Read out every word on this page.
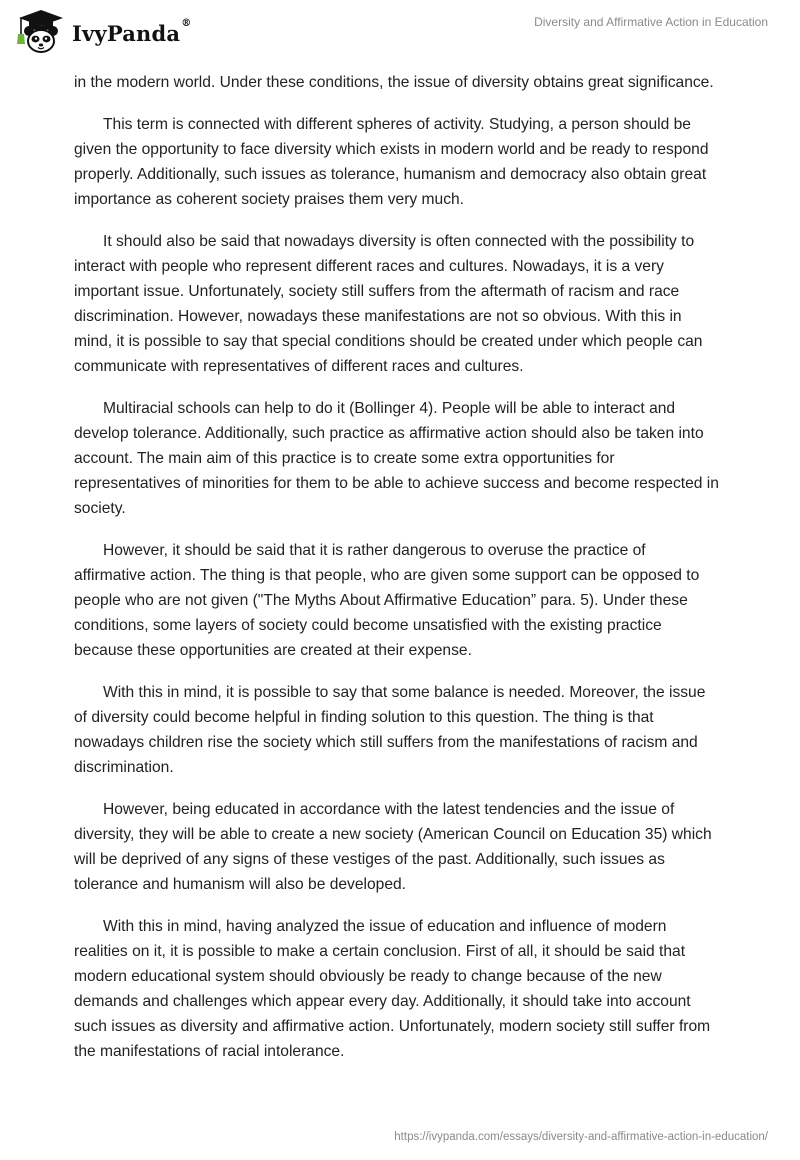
IvyPanda®	Diversity and Affirmative Action in Education

in the modern world. Under these conditions, the issue of diversity obtains great significance.

This term is connected with different spheres of activity. Studying, a person should be given the opportunity to face diversity which exists in modern world and be ready to respond properly. Additionally, such issues as tolerance, humanism and democracy also obtain great importance as coherent society praises them very much.

It should also be said that nowadays diversity is often connected with the possibility to interact with people who represent different races and cultures. Nowadays, it is a very important issue. Unfortunately, society still suffers from the aftermath of racism and race discrimination. However, nowadays these manifestations are not so obvious. With this in mind, it is possible to say that special conditions should be created under which people can communicate with representatives of different races and cultures.

Multiracial schools can help to do it (Bollinger 4). People will be able to interact and develop tolerance. Additionally, such practice as affirmative action should also be taken into account. The main aim of this practice is to create some extra opportunities for representatives of minorities for them to be able to achieve success and become respected in society.

However, it should be said that it is rather dangerous to overuse the practice of affirmative action. The thing is that people, who are given some support can be opposed to people who are not given ("The Myths About Affirmative Education” para. 5). Under these conditions, some layers of society could become unsatisfied with the existing practice because these opportunities are created at their expense.

With this in mind, it is possible to say that some balance is needed. Moreover, the issue of diversity could become helpful in finding solution to this question. The thing is that nowadays children rise the society which still suffers from the manifestations of racism and discrimination.

However, being educated in accordance with the latest tendencies and the issue of diversity, they will be able to create a new society (American Council on Education 35) which will be deprived of any signs of these vestiges of the past. Additionally, such issues as tolerance and humanism will also be developed.

With this in mind, having analyzed the issue of education and influence of modern realities on it, it is possible to make a certain conclusion. First of all, it should be said that modern educational system should obviously be ready to change because of the new demands and challenges which appear every day. Additionally, it should take into account such issues as diversity and affirmative action. Unfortunately, modern society still suffer from the manifestations of racial intolerance.

https://ivypanda.com/essays/diversity-and-affirmative-action-in-education/
